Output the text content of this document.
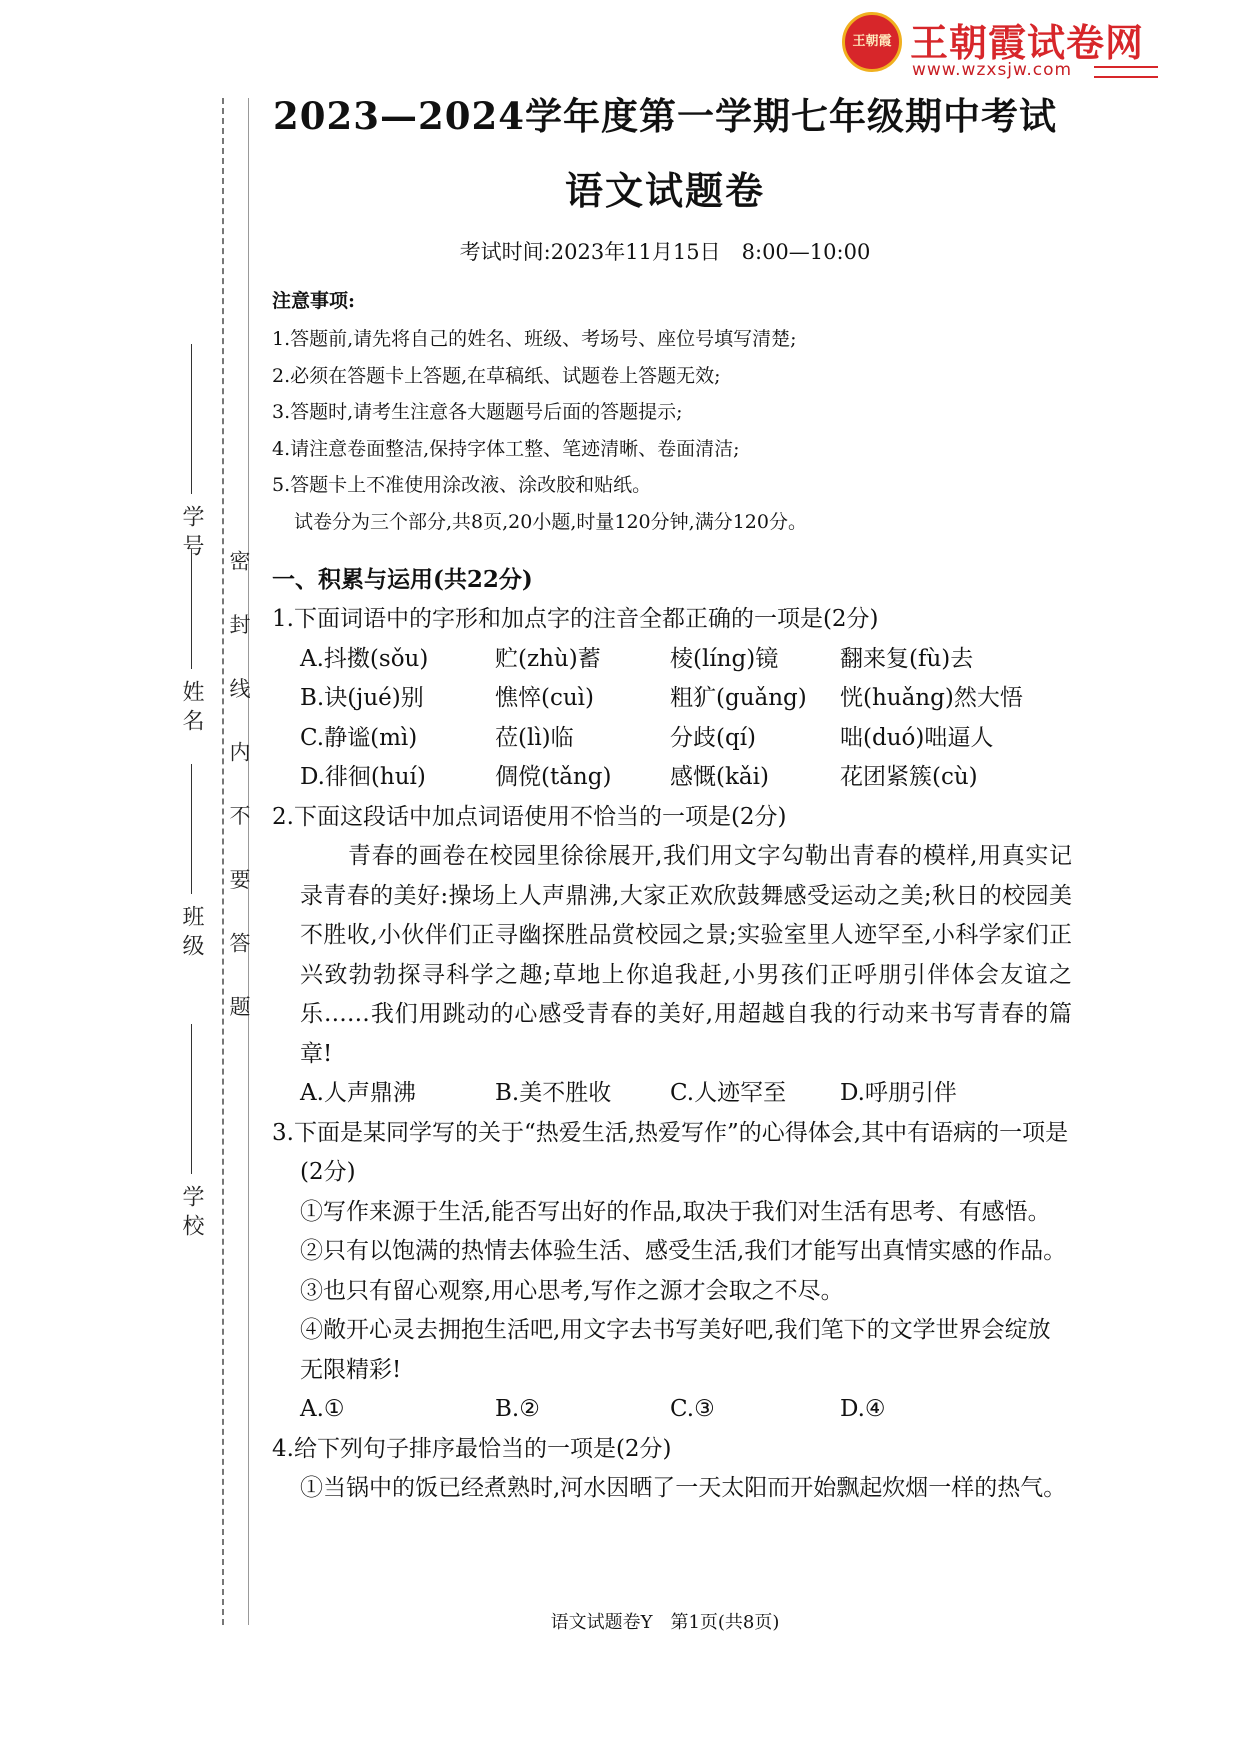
王朝霞 王朝霞试卷网
www.wzxsjw.com
学 号
姓 名
班 级
学 校
密 封 线 内 不 要 答 题
2023—2024学年度第一学期七年级期中考试
语文试题卷
考试时间:2023年11月15日　8:00—10:00
注意事项:
1.答题前,请先将自己的姓名、班级、考场号、座位号填写清楚;
2.必须在答题卡上答题,在草稿纸、试题卷上答题无效;
3.答题时,请考生注意各大题题号后面的答题提示;
4.请注意卷面整洁,保持字体工整、笔迹清晰、卷面清洁;
5.答题卡上不准使用涂改液、涂改胶和贴纸。
试卷分为三个部分,共8页,20小题,时量120分钟,满分120分。
一、积累与运用(共22分)
1.下面词语中的字形和加点字的注音全都正确的一项是(2分)
A.抖擞(sǒu)	贮(zhù)蓄	棱(líng)镜	翻来复(fù)去
B.诀(jué)别	憔悴(cuì)	粗犷(guǎng)	恍(huǎng)然大悟
C.静谧(mì)	莅(lì)临	分歧(qí)	咄(duó)咄逼人
D.徘徊(huí)	倜傥(tǎng)	感慨(kǎi)	花团紧簇(cù)
2.下面这段话中加点词语使用不恰当的一项是(2分)
青春的画卷在校园里徐徐展开,我们用文字勾勒出青春的模样,用真实记录青春的美好:操场上人声鼎沸,大家正欢欣鼓舞感受运动之美;秋日的校园美不胜收,小伙伴们正寻幽探胜品赏校园之景;实验室里人迹罕至,小科学家们正兴致勃勃探寻科学之趣;草地上你追我赶,小男孩们正呼朋引伴体会友谊之乐……我们用跳动的心感受青春的美好,用超越自我的行动来书写青春的篇章!
A.人声鼎沸	B.美不胜收	C.人迹罕至	D.呼朋引伴
3.下面是某同学写的关于“热爱生活,热爱写作”的心得体会,其中有语病的一项是(2分)
①写作来源于生活,能否写出好的作品,取决于我们对生活有思考、有感悟。
②只有以饱满的热情去体验生活、感受生活,我们才能写出真情实感的作品。
③也只有留心观察,用心思考,写作之源才会取之不尽。
④敞开心灵去拥抱生活吧,用文字去书写美好吧,我们笔下的文学世界会绽放无限精彩!
A.①	B.②	C.③	D.④
4.给下列句子排序最恰当的一项是(2分)
①当锅中的饭已经煮熟时,河水因晒了一天太阳而开始飘起炊烟一样的热气。
语文试题卷Y　第1页(共8页)
